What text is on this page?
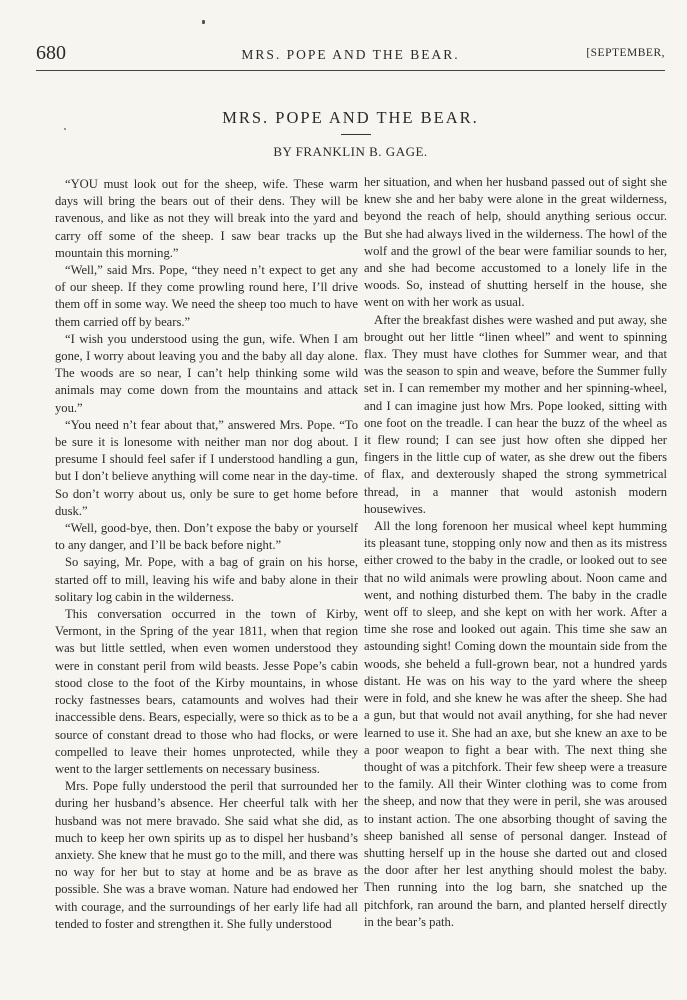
680	MRS. POPE AND THE BEAR.	[SEPTEMBER,
MRS. POPE AND THE BEAR.
BY FRANKLIN B. GAGE.

“YOU must look out for the sheep, wife. These warm days will bring the bears out of their dens. They will be ravenous, and like as not they will break into the yard and carry off some of the sheep. I saw bear tracks up the mountain this morning.”

“Well,” said Mrs. Pope, “they need n’t expect to get any of our sheep. If they come prowling round here, I’ll drive them off in some way. We need the sheep too much to have them carried off by bears.”

“I wish you understood using the gun, wife. When I am gone, I worry about leaving you and the baby all day alone. The woods are so near, I can’t help thinking some wild animals may come down from the mountains and attack you.”

“You need n’t fear about that,” answered Mrs. Pope. “To be sure it is lonesome with neither man nor dog about. I presume I should feel safer if I understood handling a gun, but I don’t believe anything will come near in the day-time. So don’t worry about us, only be sure to get home before dusk.”

“Well, good-bye, then. Don’t expose the baby or yourself to any danger, and I’ll be back before night.”

So saying, Mr. Pope, with a bag of grain on his horse, started off to mill, leaving his wife and baby alone in their solitary log cabin in the wilderness.

This conversation occurred in the town of Kirby, Vermont, in the Spring of the year 1811, when that region was but little settled, when even women understood they were in constant peril from wild beasts. Jesse Pope’s cabin stood close to the foot of the Kirby mountains, in whose rocky fastnesses bears, catamounts and wolves had their inaccessible dens. Bears, especially, were so thick as to be a source of constant dread to those who had flocks, or were compelled to leave their homes unprotected, while they went to the larger settlements on necessary business.

Mrs. Pope fully understood the peril that surrounded her during her husband’s absence. Her cheerful talk with her husband was not mere bravado. She said what she did, as much to keep her own spirits up as to dispel her husband’s anxiety. She knew that he must go to the mill, and there was no way for her but to stay at home and be as brave as possible. She was a brave woman. Nature had endowed her with courage, and the surroundings of her early life had all tended to foster and strengthen it. She fully understood

her situation, and when her husband passed out of sight she knew she and her baby were alone in the great wilderness, beyond the reach of help, should anything serious occur. But she had always lived in the wilderness. The howl of the wolf and the growl of the bear were familiar sounds to her, and she had become accustomed to a lonely life in the woods. So, instead of shutting herself in the house, she went on with her work as usual.

After the breakfast dishes were washed and put away, she brought out her little “linen wheel” and went to spinning flax. They must have clothes for Summer wear, and that was the season to spin and weave, before the Summer fully set in. I can remember my mother and her spinning-wheel, and I can imagine just how Mrs. Pope looked, sitting with one foot on the treadle. I can hear the buzz of the wheel as it flew round; I can see just how often she dipped her fingers in the little cup of water, as she drew out the fibers of flax, and dexterously shaped the strong symmetrical thread, in a manner that would astonish modern housewives.

All the long forenoon her musical wheel kept humming its pleasant tune, stopping only now and then as its mistress either crowed to the baby in the cradle, or looked out to see that no wild animals were prowling about. Noon came and went, and nothing disturbed them. The baby in the cradle went off to sleep, and she kept on with her work. After a time she rose and looked out again. This time she saw an astounding sight! Coming down the mountain side from the woods, she beheld a full-grown bear, not a hundred yards distant. He was on his way to the yard where the sheep were in fold, and she knew he was after the sheep. She had a gun, but that would not avail anything, for she had never learned to use it. She had an axe, but she knew an axe to be a poor weapon to fight a bear with. The next thing she thought of was a pitchfork. Their few sheep were a treasure to the family. All their Winter clothing was to come from the sheep, and now that they were in peril, she was aroused to instant action. The one absorbing thought of saving the sheep banished all sense of personal danger. Instead of shutting herself up in the house she darted out and closed the door after her lest anything should molest the baby. Then running into the log barn, she snatched up the pitchfork, ran around the barn, and planted herself directly in the bear’s path.
